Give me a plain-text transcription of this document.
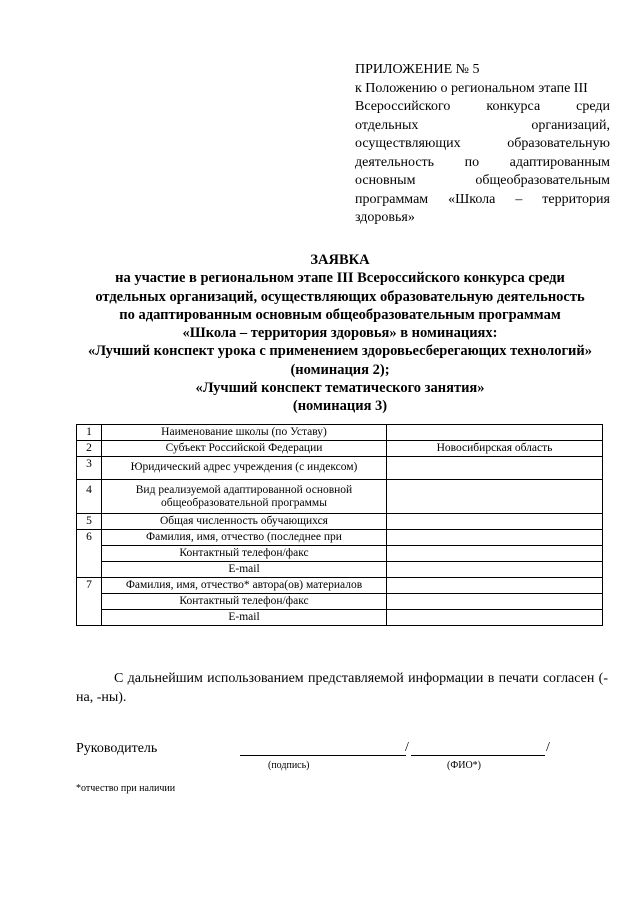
ПРИЛОЖЕНИЕ № 5
к Положению о региональном этапе III
Всероссийского конкурса среди
отдельных организаций,
осуществляющих образовательную
деятельность по адаптированным
основным общеобразовательным
программам «Школа – территория
здоровья»
ЗАЯВКА
на участие в региональном этапе III Всероссийского конкурса среди
отдельных организаций, осуществляющих образовательную деятельность
по адаптированным основным общеобразовательным программам
«Школа – территория здоровья» в номинациях:
«Лучший конспект урока с применением здоровьесберегающих технологий»
(номинация 2);
«Лучший конспект тематического занятия»
(номинация 3)
1	Наименование школы (по Уставу)	
2	Субъект Российской Федерации	Новосибирская область
3	Юридический адрес учреждения (с индексом)	
4	Вид реализуемой адаптированной основной общеобразовательной программы	
5	Общая численность обучающихся	
6	Фамилия, имя, отчество (последнее при	
	Контактный телефон/факс	
	E-mail	
7	Фамилия, имя, отчество* автора(ов) материалов	
	Контактный телефон/факс	
	E-mail	
С дальнейшим использованием представляемой информации в печати согласен (-на, -ны).
Руководитель	/	/
(подпись)	(ФИО*)
*отчество при наличии
